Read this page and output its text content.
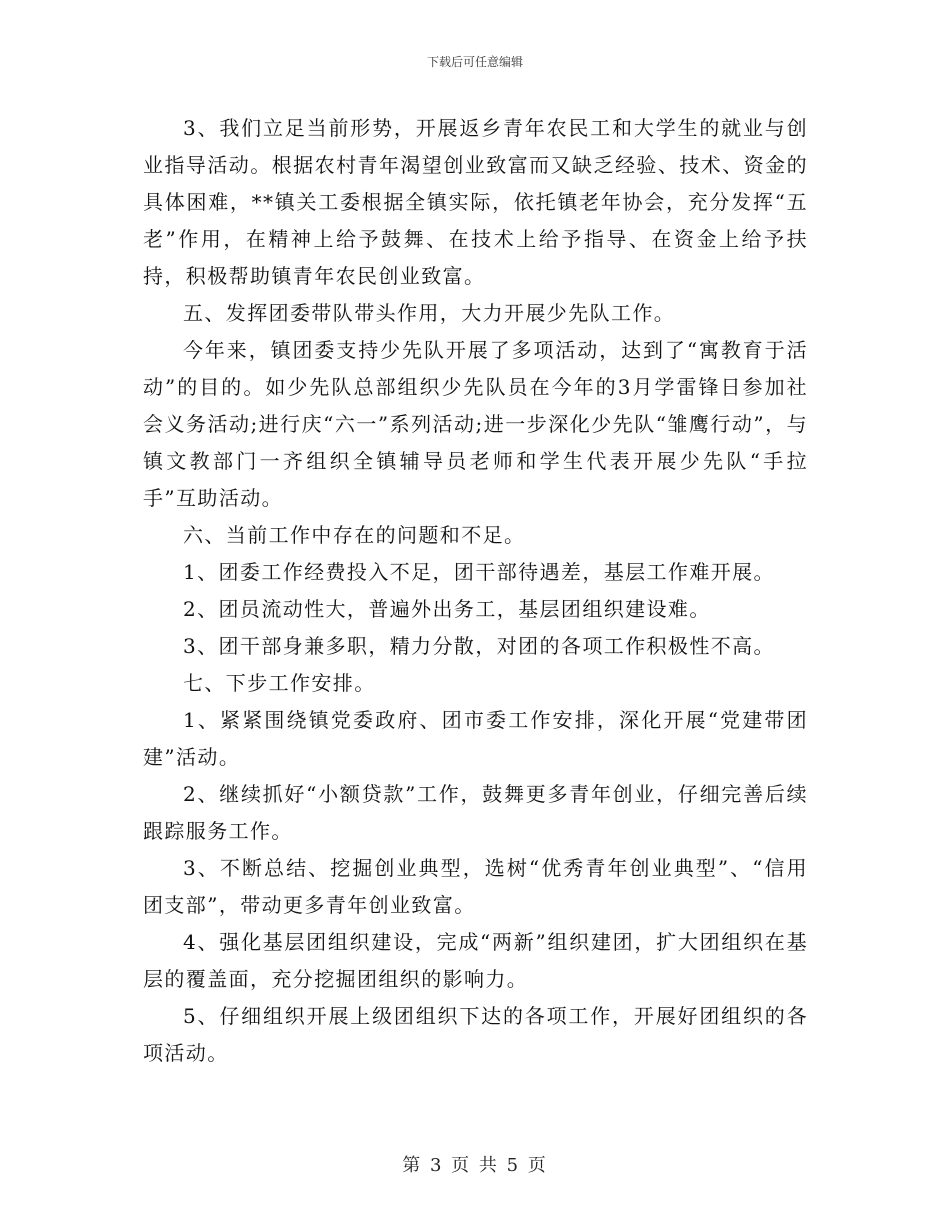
下载后可任意编辑

3、我们立足当前形势，开展返乡青年农民工和大学生的就业与创业指导活动。根据农村青年渴望创业致富而又缺乏经验、技术、资金的具体困难，**镇关工委根据全镇实际，依托镇老年协会，充分发挥“五老”作用，在精神上给予鼓舞、在技术上给予指导、在资金上给予扶持，积极帮助镇青年农民创业致富。

五、发挥团委带队带头作用，大力开展少先队工作。

今年来，镇团委支持少先队开展了多项活动，达到了“寓教育于活动”的目的。如少先队总部组织少先队员在今年的3月学雷锋日参加社会义务活动;进行庆“六一”系列活动;进一步深化少先队“雏鹰行动”，与镇文教部门一齐组织全镇辅导员老师和学生代表开展少先队“手拉手”互助活动。

六、当前工作中存在的问题和不足。

1、团委工作经费投入不足，团干部待遇差，基层工作难开展。

2、团员流动性大，普遍外出务工，基层团组织建设难。

3、团干部身兼多职，精力分散，对团的各项工作积极性不高。

七、下步工作安排。

1、紧紧围绕镇党委政府、团市委工作安排，深化开展“党建带团建”活动。

2、继续抓好“小额贷款”工作，鼓舞更多青年创业，仔细完善后续跟踪服务工作。

3、不断总结、挖掘创业典型，选树“优秀青年创业典型”、“信用团支部”，带动更多青年创业致富。

4、强化基层团组织建设，完成“两新”组织建团，扩大团组织在基层的覆盖面，充分挖掘团组织的影响力。

5、仔细组织开展上级团组织下达的各项工作，开展好团组织的各项活动。

第 3 页 共 5 页
